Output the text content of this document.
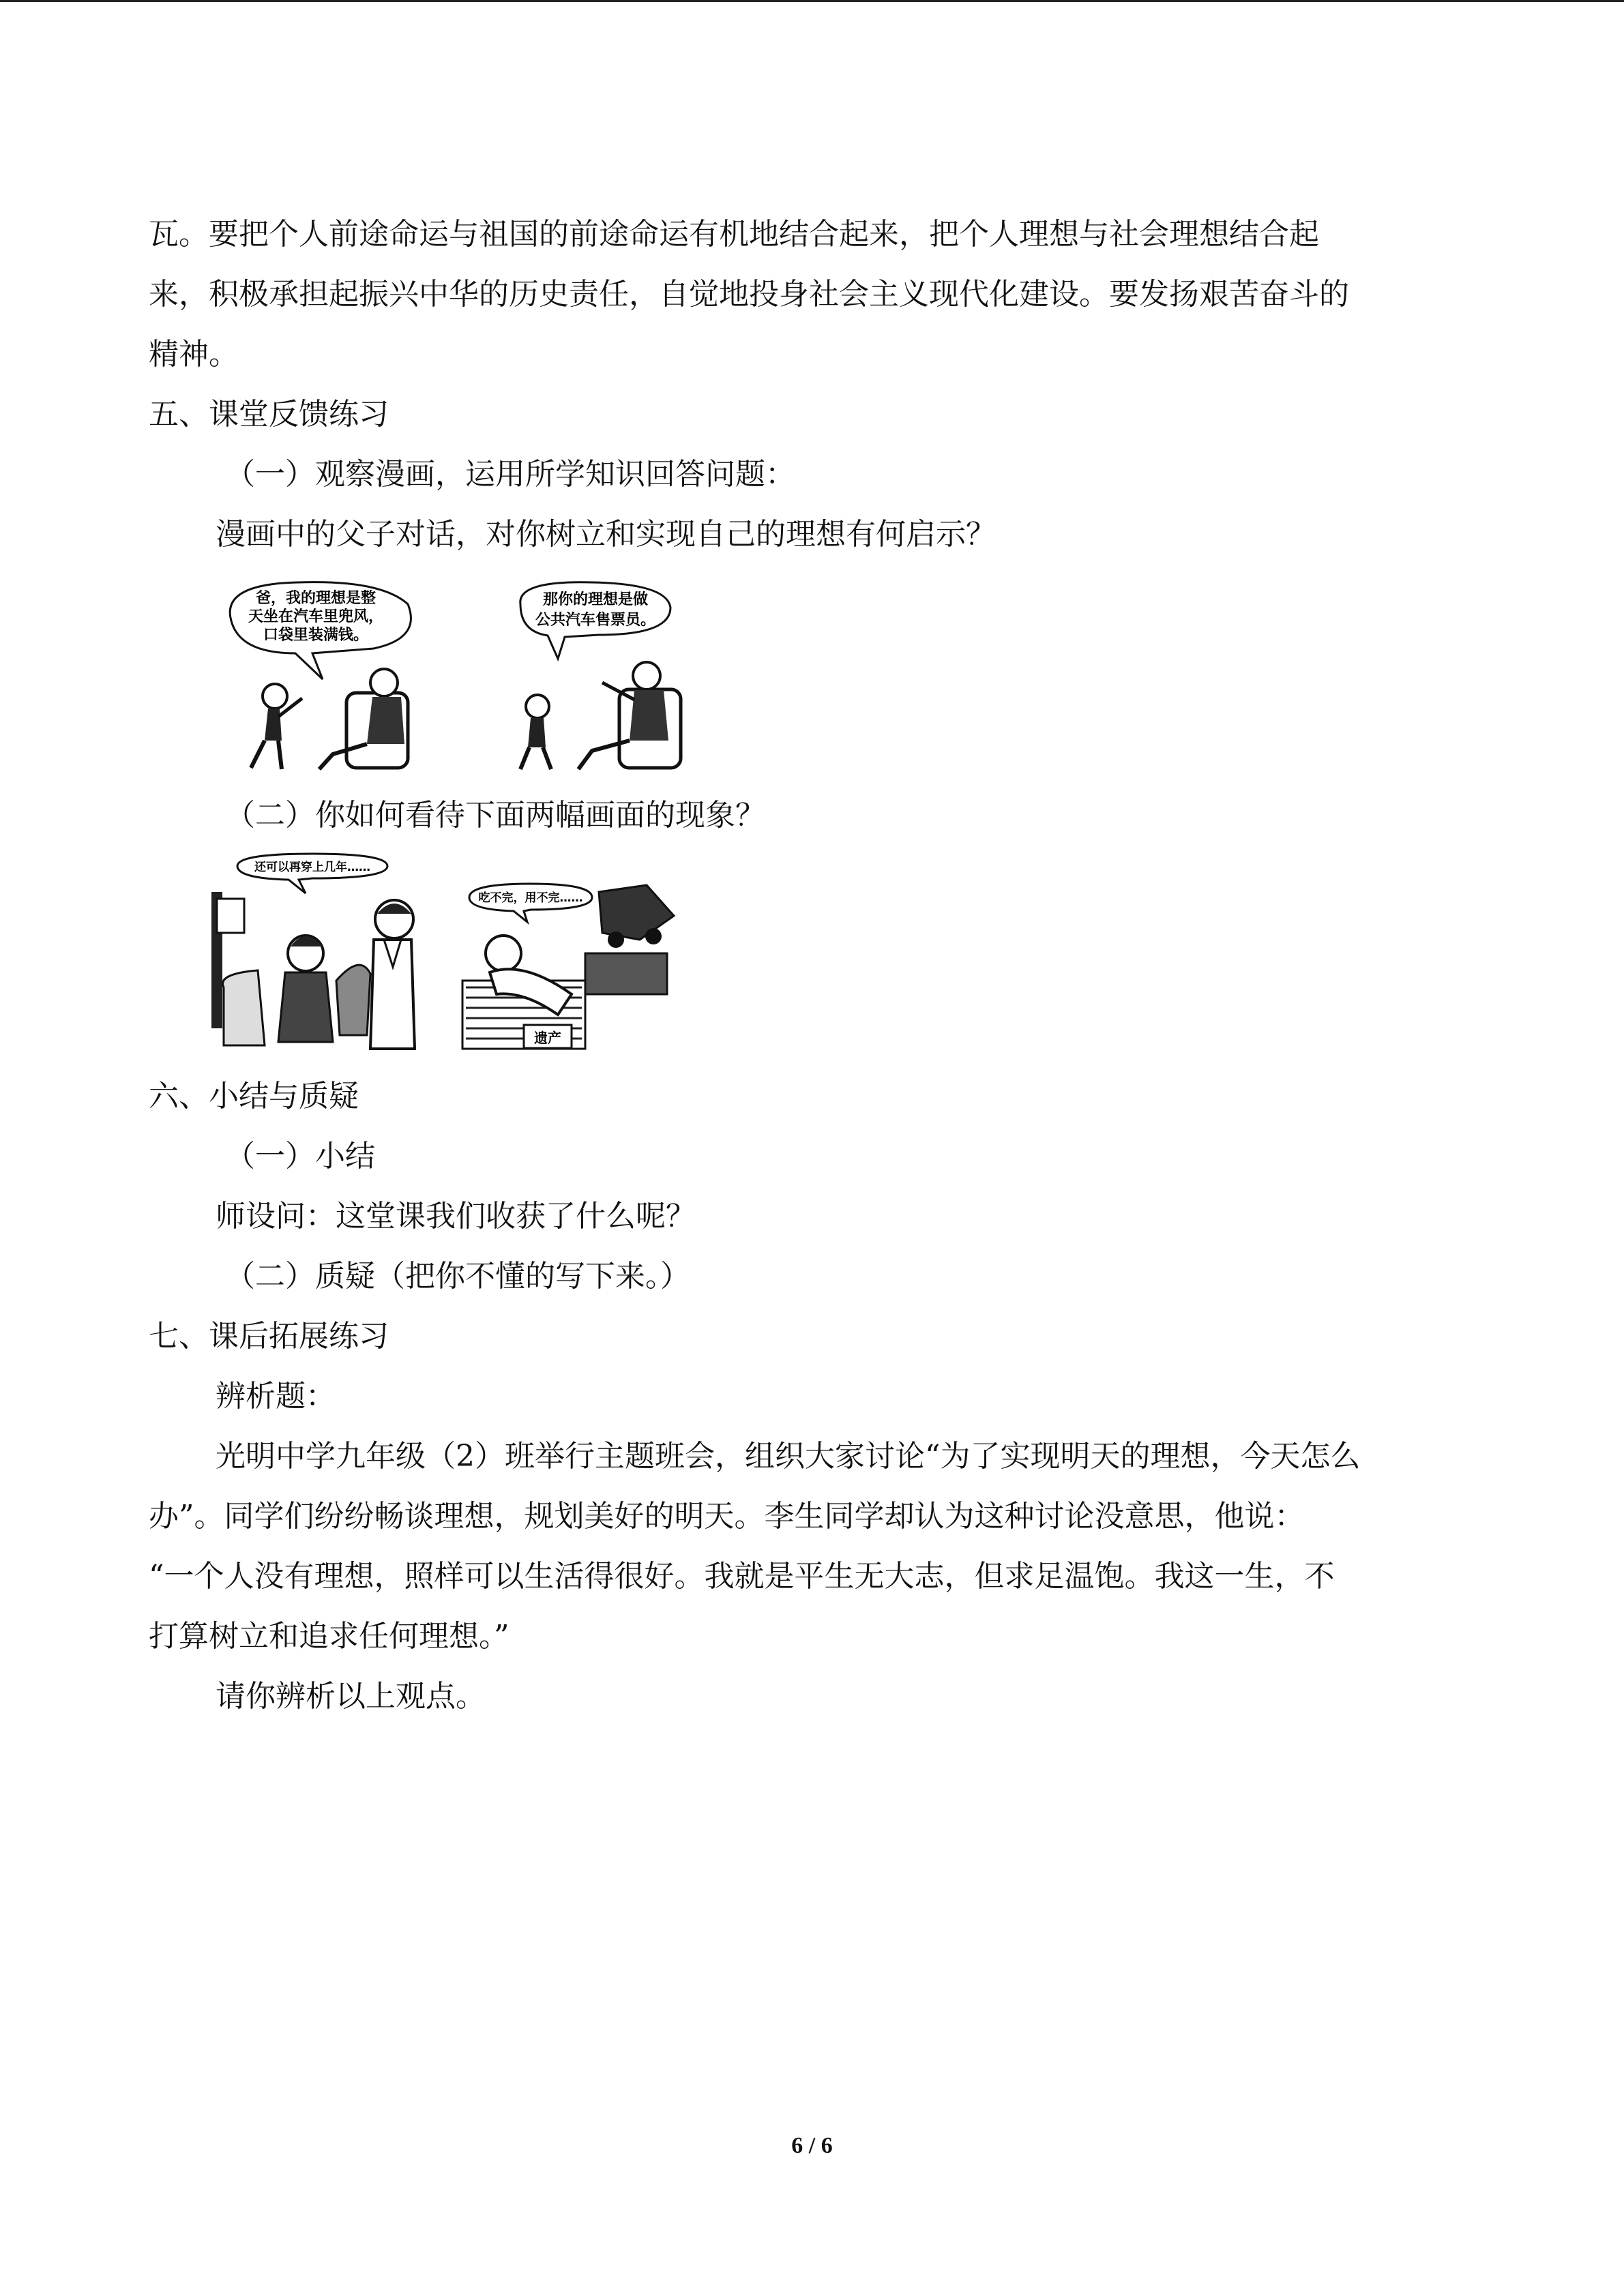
瓦。要把个人前途命运与祖国的前途命运有机地结合起来，把个人理想与社会理想结合起

来，积极承担起振兴中华的历史责任，自觉地投身社会主义现代化建设。要发扬艰苦奋斗的

精神。

五、课堂反馈练习

（一）观察漫画，运用所学知识回答问题：

漫画中的父子对话，对你树立和实现自己的理想有何启示？

爸，我的理想是整
天坐在汽车里兜风，
口袋里装满钱。
那你的理想是做
公共汽车售票员。

（二）你如何看待下面两幅画面的现象？

还可以再穿上几年……
吃不完，用不完……
遗产

六、小结与质疑

（一）小结

师设问：这堂课我们收获了什么呢？

（二）质疑（把你不懂的写下来。）

七、课后拓展练习

辨析题：

光明中学九年级（2）班举行主题班会，组织大家讨论“为了实现明天的理想，今天怎么

办”。同学们纷纷畅谈理想，规划美好的明天。李生同学却认为这种讨论没意思，他说：

“一个人没有理想，照样可以生活得很好。我就是平生无大志，但求足温饱。我这一生，不

打算树立和追求任何理想。”

请你辨析以上观点。

6 / 6
